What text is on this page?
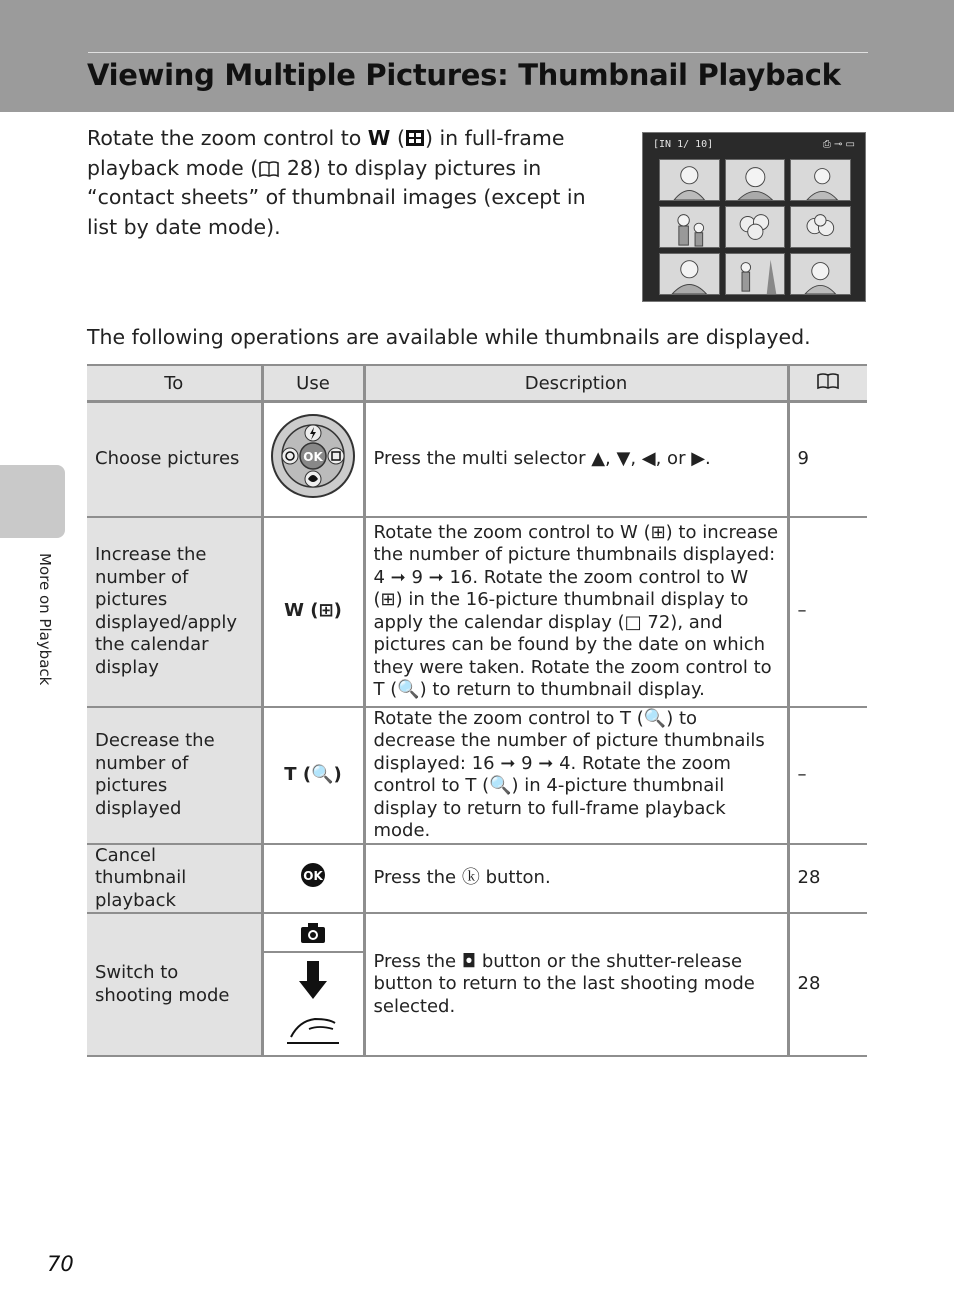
Viewing Multiple Pictures: Thumbnail Playback

Rotate the zoom control to W ( ) in full-frame playback mode ( 28) to display pictures in “contact sheets” of thumbnail images (except in list by date mode).

[IN 1/ 10]	⎙ ⊸ ▭

The following operations are available while thumbnails are displayed.

To	Use	Description	
Choose pictures	OK	Press the multi selector ▲, ▼, ◀, or ▶.	9
Increase the number of pictures displayed/apply the calendar display	W (⊞)	Rotate the zoom control to W (⊞) to increase the number of picture thumbnails displayed: 4 ➞ 9 ➞ 16. Rotate the zoom control to W (⊞) in the 16-picture thumbnail display to apply the calendar display (□ 72), and pictures can be found by the date on which they were taken. Rotate the zoom control to T (🔍) to return to thumbnail display.	–
Decrease the number of pictures displayed	T (🔍)	Rotate the zoom control to T (🔍) to decrease the number of picture thumbnails displayed: 16 ➞ 9 ➞ 4. Rotate the zoom control to T (🔍) in 4-picture thumbnail display to return to full-frame playback mode.	–
Cancel thumbnail playback	OK	Press the ⓚ button.	28
Switch to shooting mode		Press the ◘ button or the shutter-release button to return to the last shooting mode selected.	28
More on Playback
70
